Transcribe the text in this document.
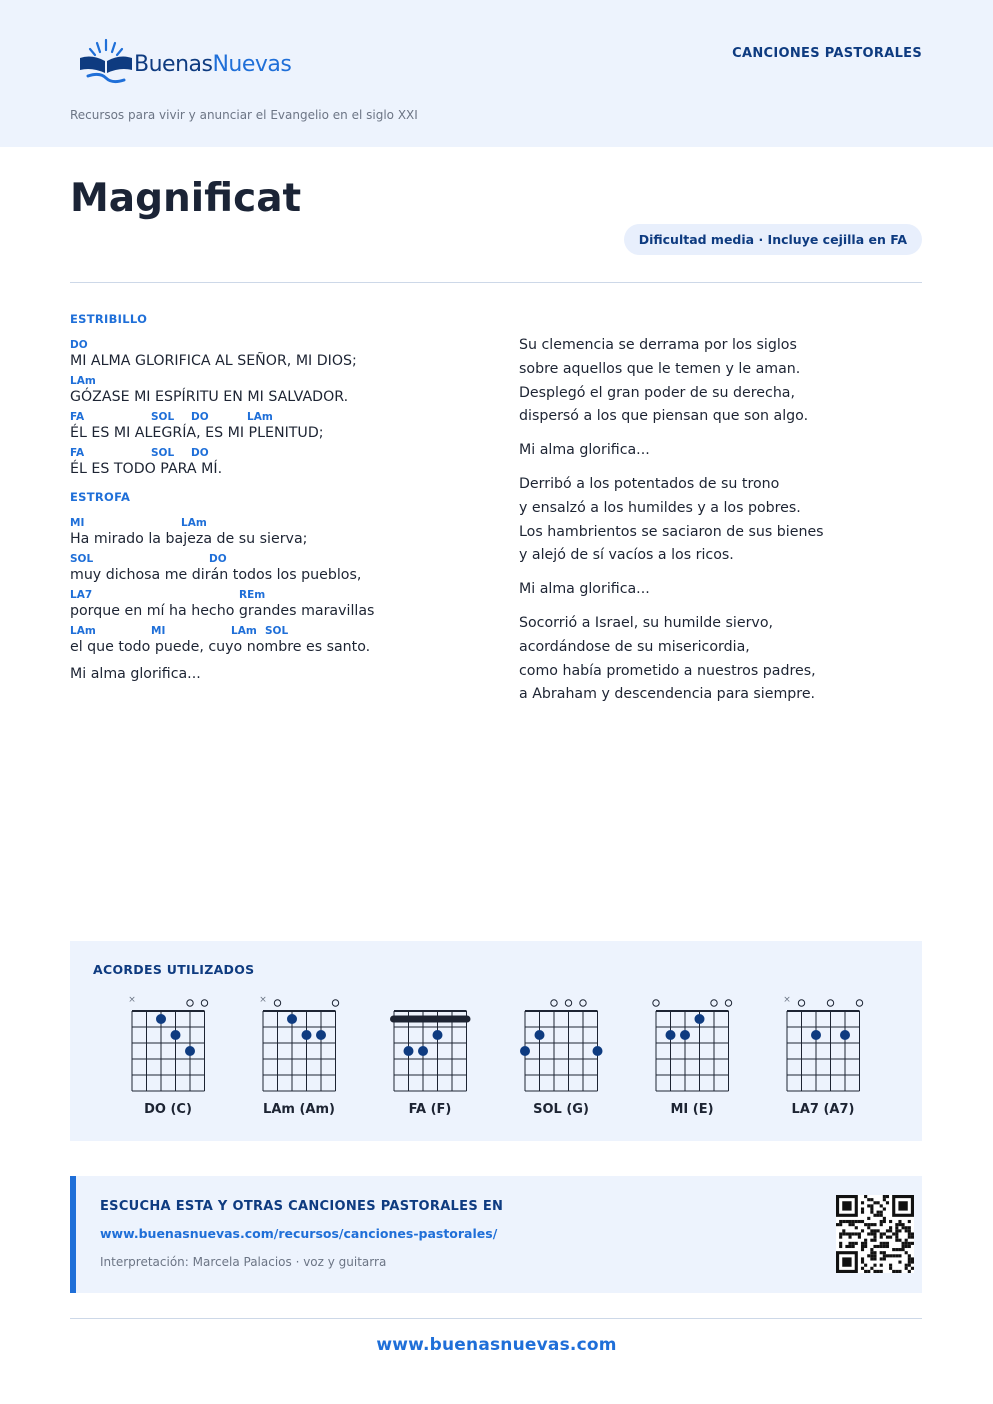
BuenasNuevas
Recursos para vivir y anunciar el Evangelio en el siglo XXI
CANCIONES PASTORALES
Magnificat
Dificultad media · Incluye cejilla en FA
ESTRIBILLO
DO
MI ALMA GLORIFICA AL SEÑOR, MI DIOS;
LAm
GÓZASE MI ESPÍRITU EN MI SALVADOR.
FA	SOL DO	LAm
ÉL ES MI ALEGRÍA, ES MI PLENITUD;
FA	SOL DO
ÉL ES TODO PARA MÍ.
ESTROFA
MI	LAm
Ha mirado la bajeza de su sierva;
SOL	DO
muy dichosa me dirán todos los pueblos,
LA7	REm
porque en mí ha hecho grandes maravillas
LAm	MI	LAm SOL
el que todo puede, cuyo nombre es santo.
Mi alma glorifica...

Su clemencia se derrama por los siglos
sobre aquellos que le temen y le aman.
Desplegó el gran poder de su derecha,
dispersó a los que piensan que son algo.

Mi alma glorifica...

Derribó a los potentados de su trono
y ensalzó a los humildes y a los pobres.
Los hambrientos se saciaron de sus bienes
y alejó de sí vacíos a los ricos.

Mi alma glorifica...

Socorrió a Israel, su humilde siervo,
acordándose de su misericordia,
como había prometido a nuestros padres,
a Abraham y descendencia para siempre.

ACORDES UTILIZADOS
×
DO (C)
×
LAm (Am)	FA (F)	SOL (G)	MI (E)
×
LA7 (A7)
ESCUCHA ESTA Y OTRAS CANCIONES PASTORALES EN
www.buenasnuevas.com/recursos/canciones-pastorales/
Interpretación: Marcela Palacios · voz y guitarra
www.buenasnuevas.com
